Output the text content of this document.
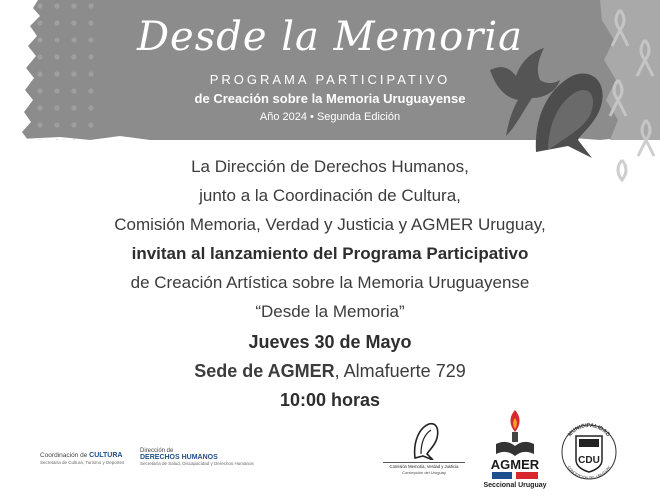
Desde la Memoria
PROGRAMA PARTICIPATIVO
de Creación sobre la Memoria Uruguayense
Año 2024 • Segunda Edición
La Dirección de Derechos Humanos,
junto a la Coordinación de Cultura,
Comisión Memoria, Verdad y Justicia y AGMER Uruguay,
invitan al lanzamiento del Programa Participativo
de Creación Artística sobre la Memoria Uruguayense
“Desde la Memoria”
Jueves 30 de Mayo
Sede de AGMER, Almafuerte 729
10:00 horas
Coordinación de CULTURA
Secretaría de Cultura, Turismo y Deportes
Dirección de
DERECHOS HUMANOS
Secretaría de Salud, Discapacidad y Derechos Humanos
Comisión Memoria, Verdad y Justicia
Concepción del Uruguay
AGMER
Seccional Uruguay
MUNICIPALIDAD
CONCEPCIÓN DEL URUGUAY
CDU
